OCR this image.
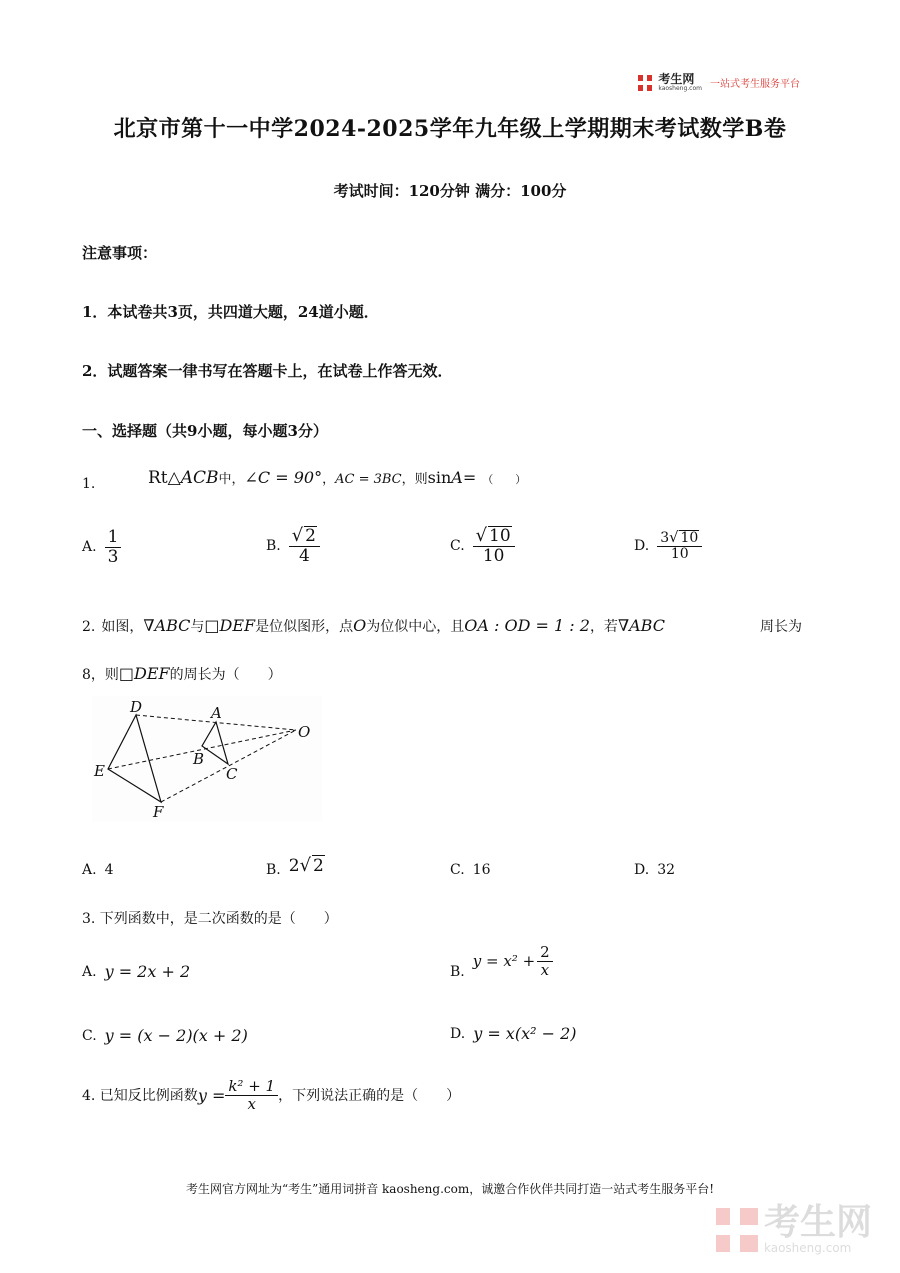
考生网
kaosheng.com 一站式考生服务平台
北京市第十一中学2024-2025学年九年级上学期期末考试数学B卷
考试时间：120分钟 满分：100分
注意事项：
1．本试卷共3页，共四道大题，24道小题．
2．试题答案一律书写在答题卡上，在试卷上作答无效．
一、选择题（共9小题，每小题3分）
1.	Rt △ACB 中， ∠C = 90° ， AC = 3BC ，则 sin A = （　　）
A. $\frac{1}{3}$	B. $\frac{√ 2}{4}$	C. $\frac{√ 10}{10}$	D. $\frac{3√ 10}{10}$
2. 如图， ∇ABC 与 □DEF 是位似图形，点 O 为位似中心，且 OA : OD = 1 : 2 ，若 ∇ABC	周长为
8，则 □DEF 的周长为（　　）
D	A
O
B
E	C
F
A. 4	B. 2√ 2	C. 16	D. 32
3. 下列函数中，是二次函数的是（　　）
A. y = 2x + 2	B.
$y = x^2 + \frac{2}{x}$
C. y = (x − 2)(x + 2)	D. y = x(x² − 2)
4. 已知反比例函数 $y = \frac{\text{k² + 1}}{x}$ ，下列说法正确的是（　　）
考生网官方网址为“考生”通用词拼音 kaosheng.com，诚邀合作伙伴共同打造一站式考生服务平台!
考生网
kaosheng.com
